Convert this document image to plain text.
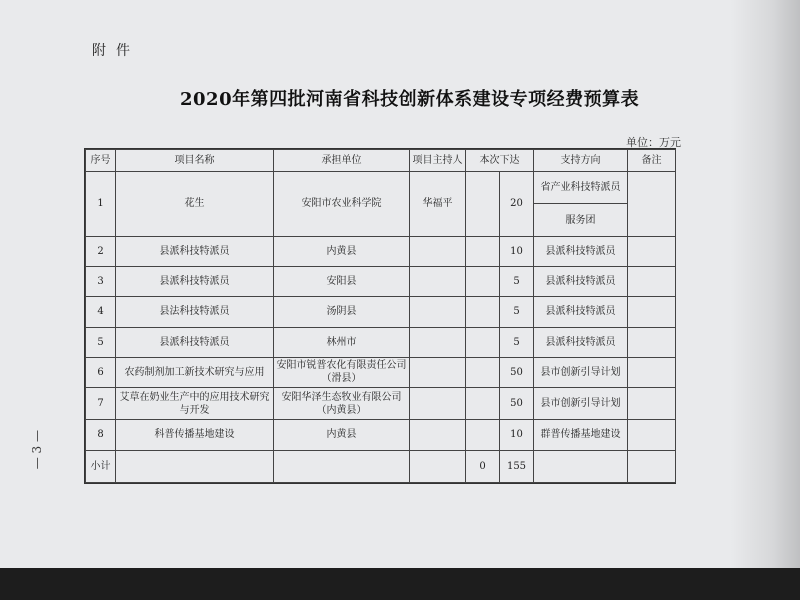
附件
2020年第四批河南省科技创新体系建设专项经费预算表
单位：万元
— 3 —
序号	项目名称	承担单位	项目主持人	本次下达		支持方向	备注
1	花生	安阳市农业科学院	华福平		20	省产业科技特派员	
						服务团	
2	县派科技特派员	内黄县			10	县派科技特派员	
3	县派科技特派员	安阳县			5	县派科技特派员	
4	县法科技特派员	汤阴县			5	县派科技特派员	
5	县派科技特派员	林州市			5	县派科技特派员	
6	农药制剂加工新技术研究与应用	安阳市锐普农化有限责任公司（滑县）			50	县市创新引导计划	
7	艾草在奶业生产中的应用技术研究与开发	安阳华泽生态牧业有限公司（内黄县）			50	县市创新引导计划	
8	科普传播基地建设	内黄县			10	群普传播基地建设	
小计				0	155		
